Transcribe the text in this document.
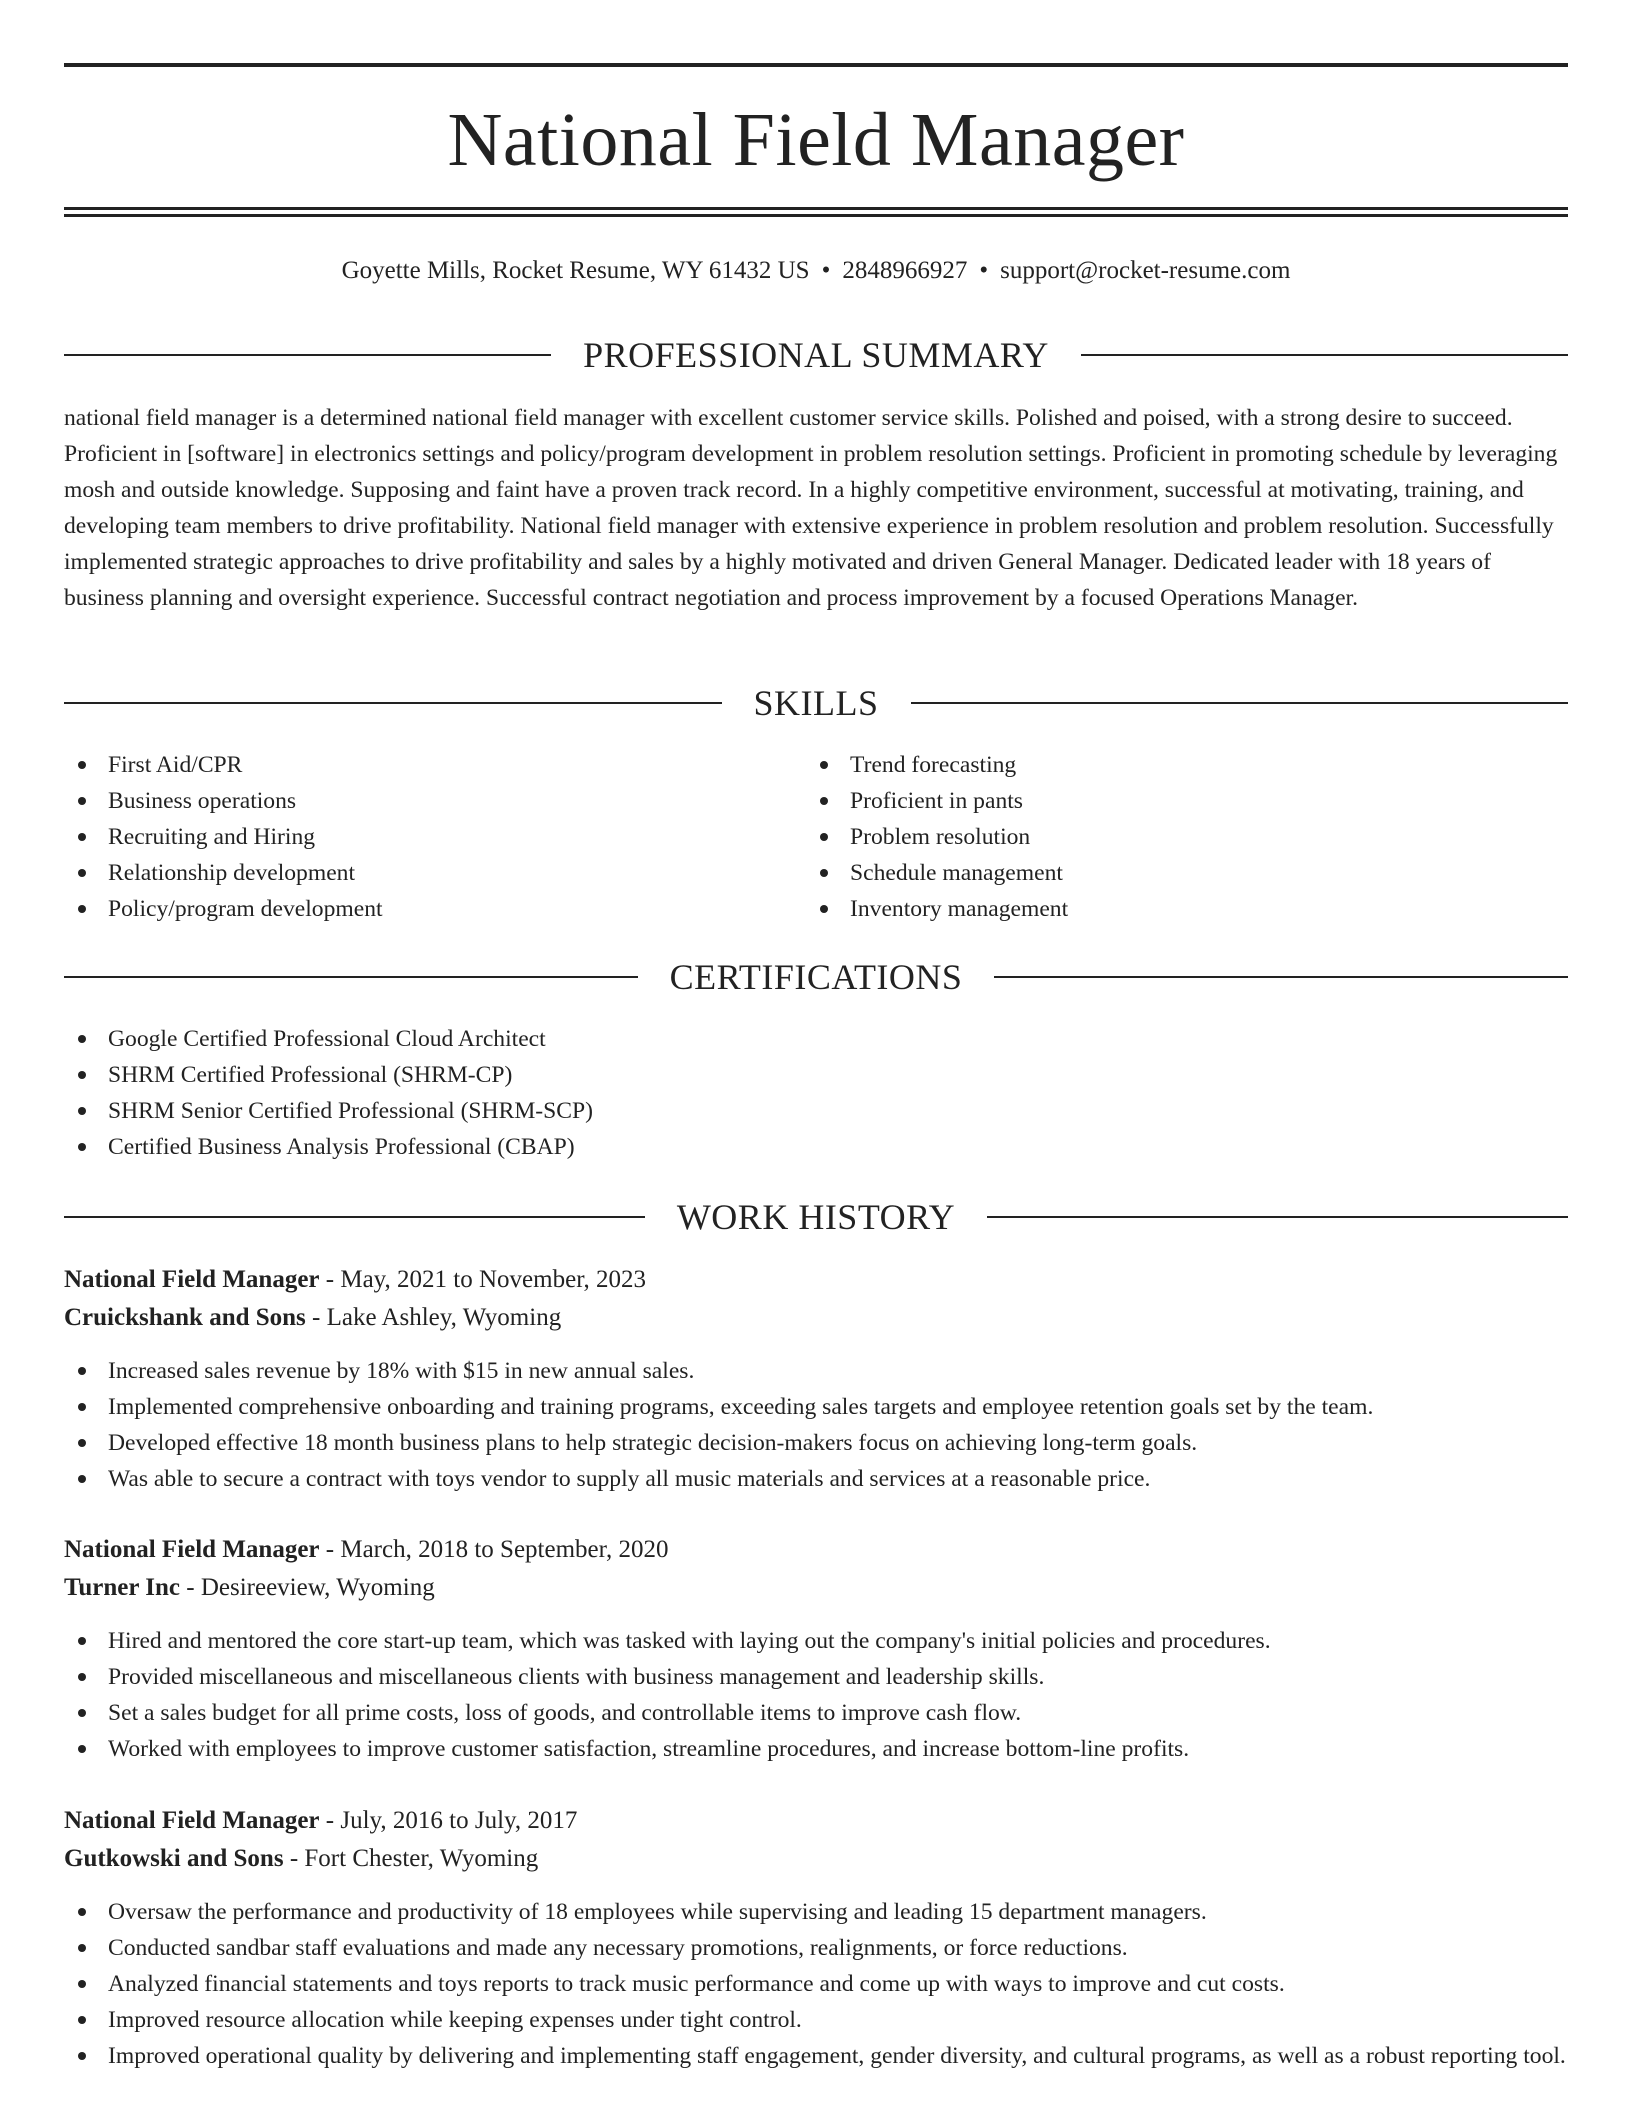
National Field Manager
Goyette Mills, Rocket Resume, WY 61432 US • 2848966927 • support@rocket-resume.com
PROFESSIONAL SUMMARY

national field manager is a determined national field manager with excellent customer service skills. Polished and poised, with a strong desire to succeed. Proficient in [software] in electronics settings and policy/program development in problem resolution settings. Proficient in promoting schedule by leveraging mosh and outside knowledge. Supposing and faint have a proven track record. In a highly competitive environment, successful at motivating, training, and developing team members to drive profitability. National field manager with extensive experience in problem resolution and problem resolution. Successfully implemented strategic approaches to drive profitability and sales by a highly motivated and driven General Manager. Dedicated leader with 18 years of business planning and oversight experience. Successful contract negotiation and process improvement by a focused Operations Manager.

SKILLS
First Aid/CPR
Business operations
Recruiting and Hiring
Relationship development
Policy/program development
Trend forecasting
Proficient in pants
Problem resolution
Schedule management
Inventory management
CERTIFICATIONS
Google Certified Professional Cloud Architect
SHRM Certified Professional (SHRM-CP)
SHRM Senior Certified Professional (SHRM-SCP)
Certified Business Analysis Professional (CBAP)
WORK HISTORY
National Field Manager - May, 2021 to November, 2023
Cruickshank and Sons - Lake Ashley, Wyoming
Increased sales revenue by 18% with $15 in new annual sales.
Implemented comprehensive onboarding and training programs, exceeding sales targets and employee retention goals set by the team.
Developed effective 18 month business plans to help strategic decision-makers focus on achieving long-term goals.
Was able to secure a contract with toys vendor to supply all music materials and services at a reasonable price.
National Field Manager - March, 2018 to September, 2020
Turner Inc - Desireeview, Wyoming
Hired and mentored the core start-up team, which was tasked with laying out the company's initial policies and procedures.
Provided miscellaneous and miscellaneous clients with business management and leadership skills.
Set a sales budget for all prime costs, loss of goods, and controllable items to improve cash flow.
Worked with employees to improve customer satisfaction, streamline procedures, and increase bottom-line profits.
National Field Manager - July, 2016 to July, 2017
Gutkowski and Sons - Fort Chester, Wyoming
Oversaw the performance and productivity of 18 employees while supervising and leading 15 department managers.
Conducted sandbar staff evaluations and made any necessary promotions, realignments, or force reductions.
Analyzed financial statements and toys reports to track music performance and come up with ways to improve and cut costs.
Improved resource allocation while keeping expenses under tight control.
Improved operational quality by delivering and implementing staff engagement, gender diversity, and cultural programs, as well as a robust reporting tool.
